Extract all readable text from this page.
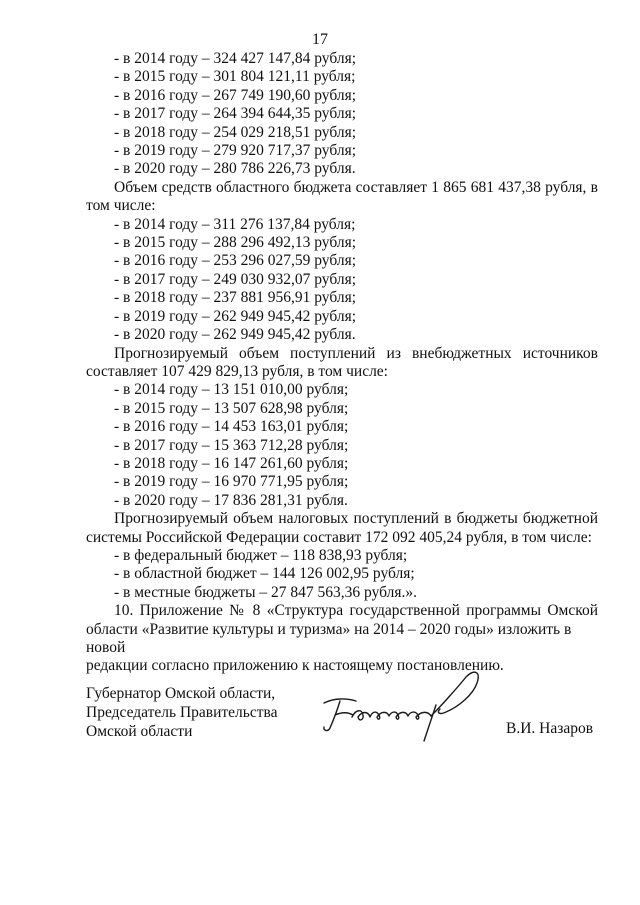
17
- в 2014 году – 324 427 147,84 рубля;
- в 2015 году – 301 804 121,11 рубля;
- в 2016 году – 267 749 190,60 рубля;
- в 2017 году – 264 394 644,35 рубля;
- в 2018 году – 254 029 218,51 рубля;
- в 2019 году – 279 920 717,37 рубля;
- в 2020 году – 280 786 226,73 рубля.
Объем средств областного бюджета составляет 1 865 681 437,38 рубля, в
том числе:
- в 2014 году – 311 276 137,84 рубля;
- в 2015 году – 288 296 492,13 рубля;
- в 2016 году – 253 296 027,59 рубля;
- в 2017 году – 249 030 932,07 рубля;
- в 2018 году – 237 881 956,91 рубля;
- в 2019 году – 262 949 945,42 рубля;
- в 2020 году – 262 949 945,42 рубля.
Прогнозируемый объем поступлений из внебюджетных источников
составляет 107 429 829,13 рубля, в том числе:
- в 2014 году – 13 151 010,00 рубля;
- в 2015 году – 13 507 628,98 рубля;
- в 2016 году – 14 453 163,01 рубля;
- в 2017 году – 15 363 712,28 рубля;
- в 2018 году – 16 147 261,60 рубля;
- в 2019 году – 16 970 771,95 рубля;
- в 2020 году – 17 836 281,31 рубля.
Прогнозируемый объем налоговых поступлений в бюджеты бюджетной
системы Российской Федерации составит 172 092 405,24 рубля, в том числе:
- в федеральный бюджет – 118 838,93 рубля;
- в областной бюджет – 144 126 002,95 рубля;
- в местные бюджеты – 27 847 563,36 рубля.».
10. Приложение № 8 «Структура государственной программы Омской
области «Развитие культуры и туризма» на 2014 – 2020 годы» изложить в новой
редакции согласно приложению к настоящему постановлению.
Губернатор Омской области,
Председатель Правительства
Омской области	В.И. Назаров
